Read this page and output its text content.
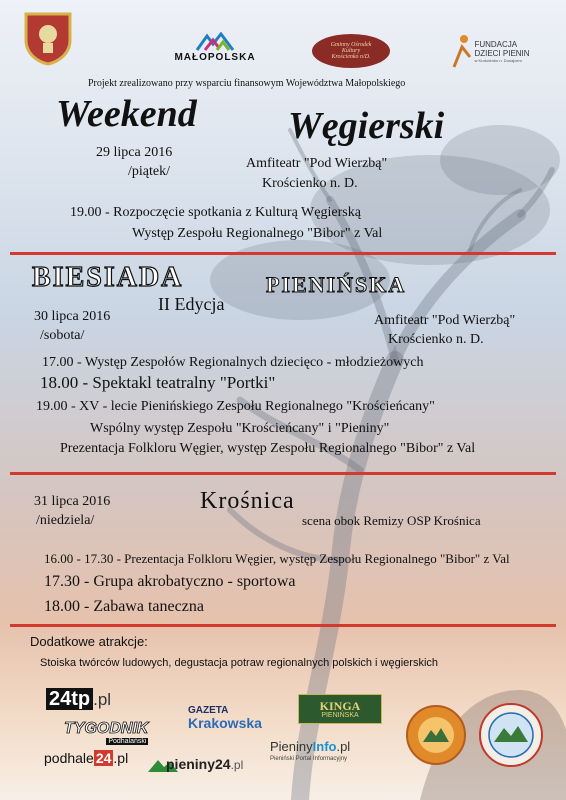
MAŁOPOLSKA
Gminny Ośrodek
Kultury
Krościenko n/D.
FUNDACJA
DZIECI PIENIN
w Krościenku n. Dunajcem
Projekt zrealizowano przy wsparciu finansowym Województwa Małopolskiego
Weekend Węgierski
29 lipca 2016
/piątek/
Amfiteatr "Pod Wierzbą"
Krościenko n. D.
19.00 - Rozpoczęcie spotkania z Kulturą Węgierską
Występ Zespołu Regionalnego "Bibor" z Val
BIESIADA	PIENIŃSKA
II Edycja
30 lipca 2016
/sobota/
Amfiteatr "Pod Wierzbą"
Krościenko n. D.
17.00 - Występ Zespołów Regionalnych dziecięco - młodzieżowych
18.00 - Spektakl teatralny "Portki"
19.00 - XV - lecie Pienińskiego Zespołu Regionalnego "Krościeńcany"
Wspólny występ Zespołu "Krościeńcany" i "Pieniny"
Prezentacja Folkloru Węgier, występ Zespołu Regionalnego "Bibor" z Val
Krośnica
31 lipca 2016
/niedziela/	scena obok Remizy OSP Krośnica
16.00 - 17.30 - Prezentacja Folkloru Węgier, występ Zespołu Regionalnego "Bibor" z Val
17.30 - Grupa akrobatyczno - sportowa
18.00 - Zabawa taneczna
Dodatkowe atrakcje:
Stoiska twórców ludowych, degustacja potraw regionalnych polskich i węgierskich
24tp .pl
TYGODNIK
Podhalański
podhale 24 .pl
GAZETA
Krakowska
pieniny24 .pl
KINGA
PIENIŃSKA
PieninyInfo.pl
Pieniński Portal Informacyjny
